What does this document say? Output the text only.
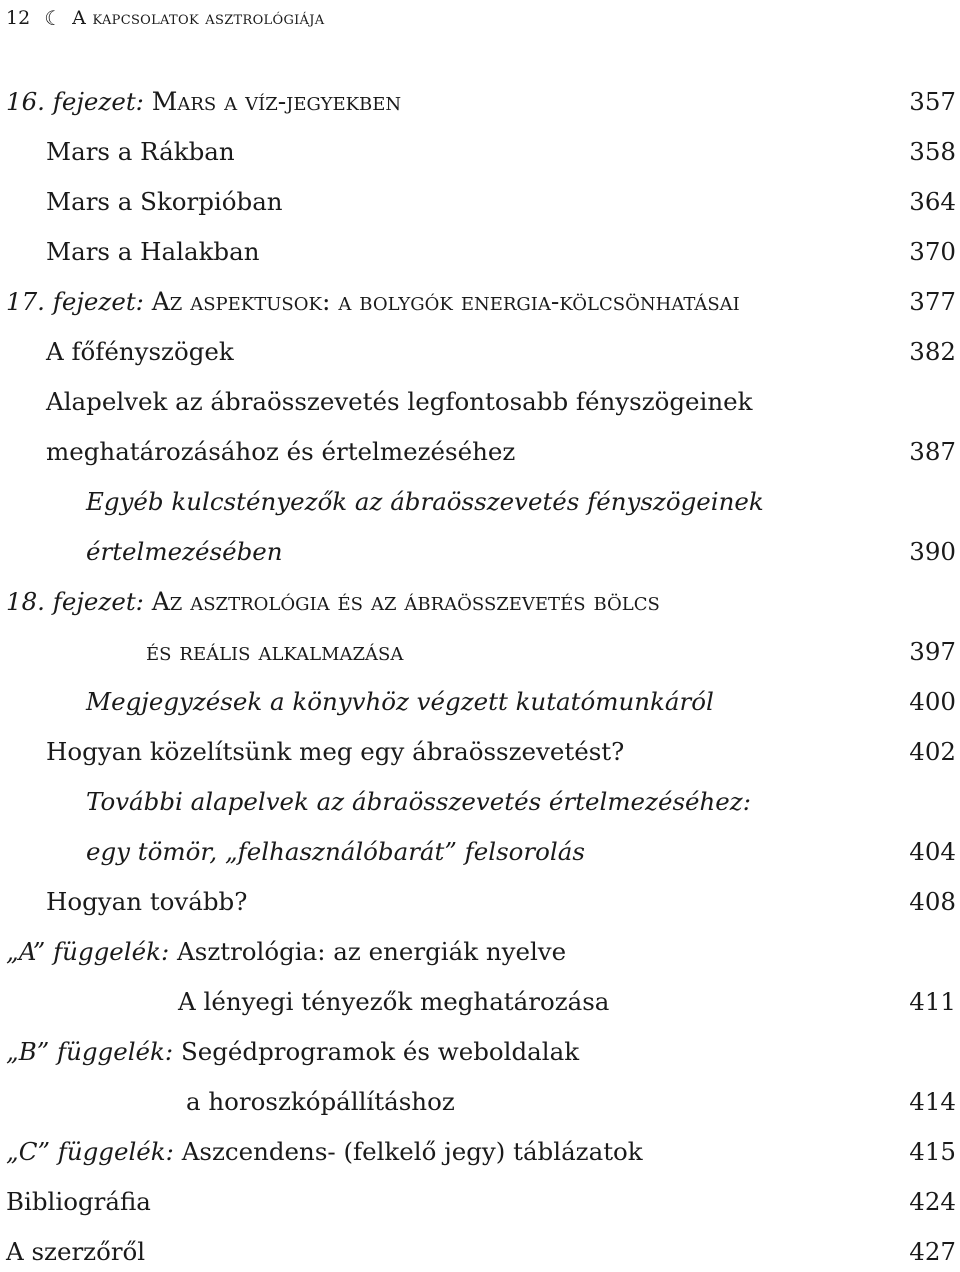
12 ☾ A kapcsolatok asztrológiája
16. fejezet: Mars a víz-jegyekben	357
Mars a Rákban	358
Mars a Skorpióban	364
Mars a Halakban	370
17. fejezet: Az aspektusok: a bolygók energia-kölcsönhatásai	377
A főfényszögek	382
Alapelvek az ábraösszevetés legfontosabb fényszögeinek
meghatározásához és értelmezéséhez	387
Egyéb kulcstényezők az ábraösszevetés fényszögeinek
értelmezésében	390
18. fejezet: Az asztrológia és az ábraösszevetés bölcs
és reális alkalmazása	397
Megjegyzések a könyvhöz végzett kutatómunkáról	400
Hogyan közelítsünk meg egy ábraösszevetést?	402
További alapelvek az ábraösszevetés értelmezéséhez:
egy tömör, „felhasználóbarát” felsorolás	404
Hogyan tovább?	408
„A” függelék: Asztrológia: az energiák nyelve
A lényegi tényezők meghatározása	411
„B” függelék: Segédprogramok és weboldalak
a horoszkópállításhoz	414
„C” függelék: Aszcendens- (felkelő jegy) táblázatok	415
Bibliográfia	424
A szerzőről	427
